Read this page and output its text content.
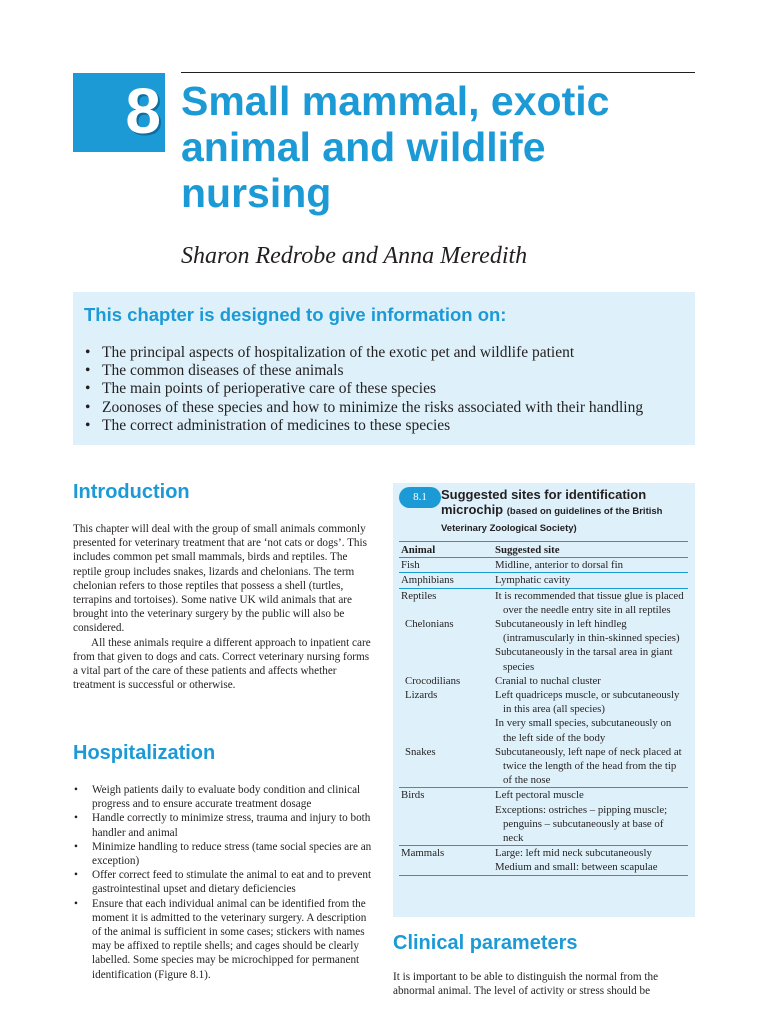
8 Small mammal, exotic animal and wildlife nursing
Sharon Redrobe and Anna Meredith
This chapter is designed to give information on:
• The principal aspects of hospitalization of the exotic pet and wildlife patient
• The common diseases of these animals
• The main points of perioperative care of these species
• Zoonoses of these species and how to minimize the risks associated with their handling
• The correct administration of medicines to these species
Introduction

This chapter will deal with the group of small animals commonly presented for veterinary treatment that are ‘not cats or dogs’. This includes common pet small mammals, birds and reptiles. The reptile group includes snakes, lizards and chelonians. The term chelonian refers to those reptiles that possess a shell (turtles, terrapins and tortoises). Some native UK wild animals that are brought into the veterinary surgery by the public will also be considered.

All these animals require a different approach to inpatient care from that given to dogs and cats. Correct veterinary nursing forms a vital part of the care of these patients and affects whether treatment is successful or otherwise.

Hospitalization
• Weigh patients daily to evaluate body condition and clinical progress and to ensure accurate treatment dosage
• Handle correctly to minimize stress, trauma and injury to both handler and animal
• Minimize handling to reduce stress (tame social species are an exception)
• Offer correct feed to stimulate the animal to eat and to prevent gastrointestinal upset and dietary deficiencies
• Ensure that each individual animal can be identified from the moment it is admitted to the veterinary surgery. A description of the animal is sufficient in some cases; stickers with names may be affixed to reptile shells; and cages should be clearly labelled. Some species may be microchipped for permanent identification (Figure 8.1).
8.1	Suggested sites for identification microchip (based on guidelines of the British Veterinary Zoological Society)
Animal	Suggested site
Fish	Midline, anterior to dorsal fin

Amphibians	Lymphatic cavity

Reptiles	It is recommended that tissue glue is placed over the needle entry site in all reptiles

Chelonians	Subcutaneously in left hindleg (intramuscularly in thin-skinned species)
Subcutaneously in the tarsal area in giant species

Crocodilians	Cranial to nuchal cluster

Lizards	Left quadriceps muscle, or subcutaneously in this area (all species)
In very small species, subcutaneously on the left side of the body

Snakes	Subcutaneously, left nape of neck placed at twice the length of the head from the tip of the nose

Birds	Left pectoral muscle
Exceptions: ostriches – pipping muscle; penguins – subcutaneously at base of neck

Mammals	Large: left mid neck subcutaneously
Medium and small: between scapulae
Clinical parameters

It is important to be able to distinguish the normal from the abnormal animal. The level of activity or stress should be
